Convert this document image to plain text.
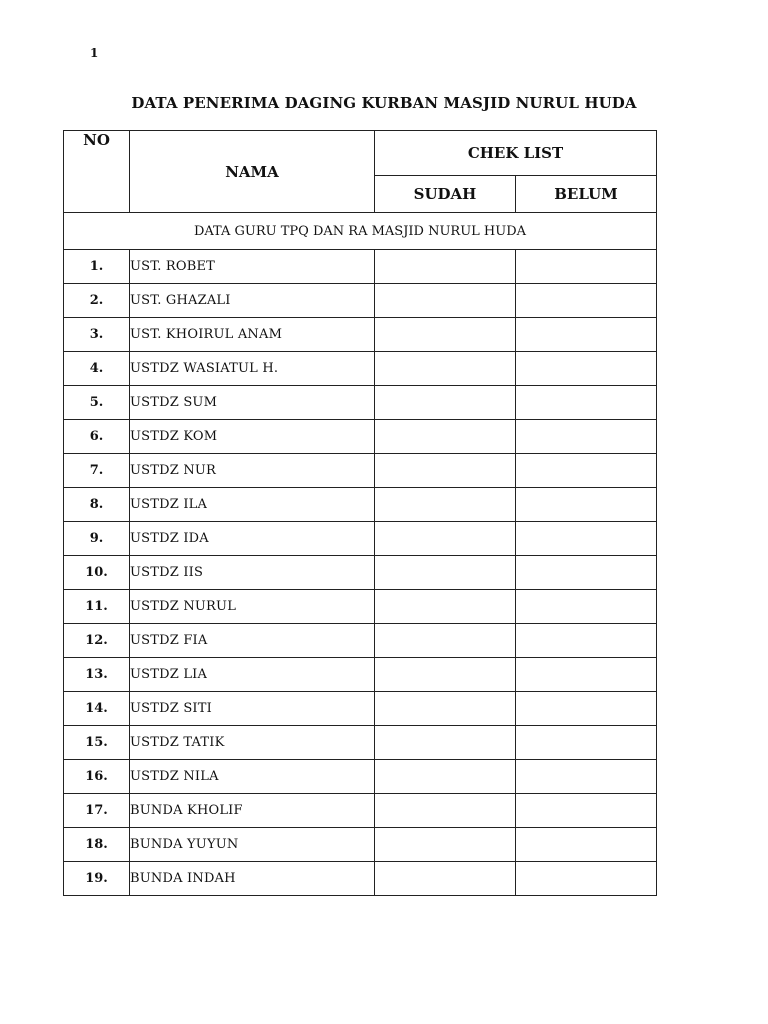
1
DATA PENERIMA DAGING KURBAN MASJID NURUL HUDA
NO	NAMA	CHEK LIST	
		SUDAH	BELUM
DATA GURU TPQ DAN RA MASJID NURUL HUDA			
1.	UST. ROBET		
2.	UST. GHAZALI		
3.	UST. KHOIRUL ANAM		
4.	USTDZ WASIATUL H.		
5.	USTDZ SUM		
6.	USTDZ KOM		
7.	USTDZ NUR		
8.	USTDZ ILA		
9.	USTDZ IDA		
10.	USTDZ IIS		
11.	USTDZ NURUL		
12.	USTDZ FIA		
13.	USTDZ LIA		
14.	USTDZ SITI		
15.	USTDZ TATIK		
16.	USTDZ NILA		
17.	BUNDA KHOLIF		
18.	BUNDA YUYUN		
19.	BUNDA INDAH		
